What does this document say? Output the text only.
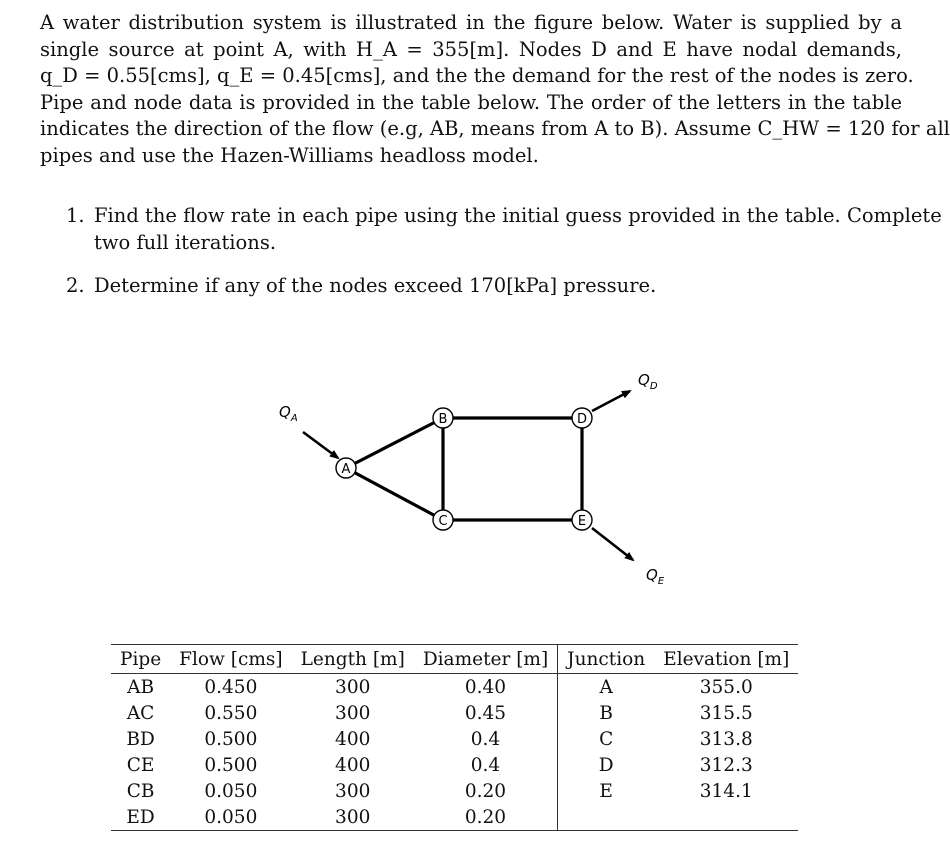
A water distribution system is illustrated in the figure below. Water is supplied by a
single source at point A, with H_A = 355[m]. Nodes D and E have nodal demands,
q_D = 0.55[cms], q_E = 0.45[cms], and the the demand for the rest of the nodes is zero.
Pipe and node data is provided in the table below. The order of the letters in the table
indicates the direction of the flow (e.g, AB, means from A to B). Assume C_HW = 120 for all
pipes and use the Hazen-Williams headloss model.
1. Find the flow rate in each pipe using the initial guess provided in the table. Complete
two full iterations.
2. Determine if any of the nodes exceed 170[kPa] pressure.
A
B
C
D
E
$Q_A$
$Q_D$
$Q_E$
Pipe	Flow [cms]	Length [m]	Diameter [m]	Junction	Elevation [m]
AB	0.450	300	0.40	A	355.0
AC	0.550	300	0.45	B	315.5
BD	0.500	400	0.4	C	313.8
CE	0.500	400	0.4	D	312.3
CB	0.050	300	0.20	E	314.1
ED	0.050	300	0.20		
